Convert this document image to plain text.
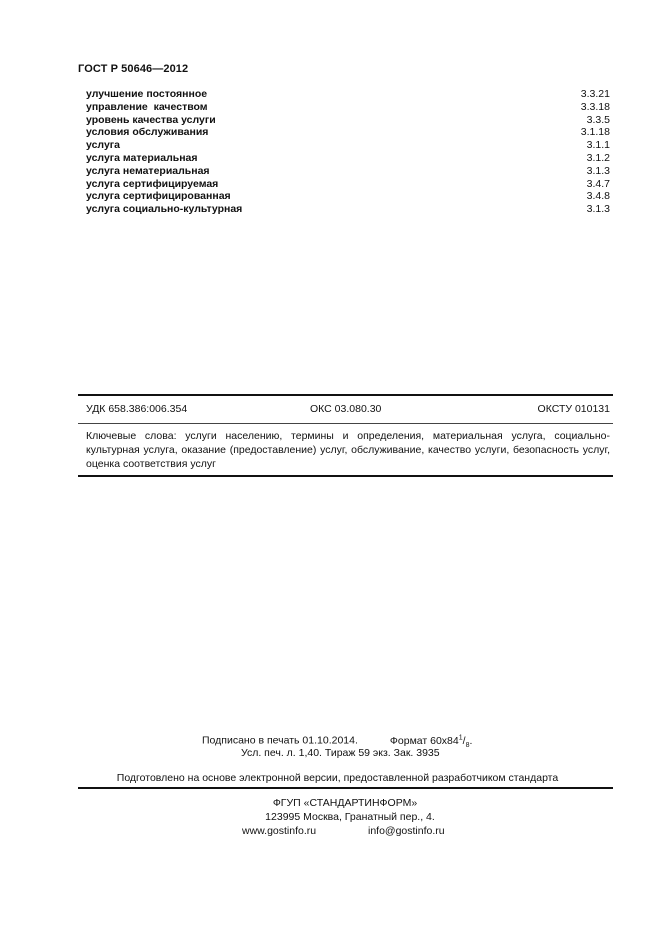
ГОСТ Р 50646—2012
улучшение постоянное	3.3.21
управление  качеством	3.3.18
уровень качества услуги	3.3.5
условия обслуживания	3.1.18
услуга	3.1.1
услуга материальная	3.1.2
услуга нематериальная	3.1.3
услуга сертифицируемая	3.4.7
услуга сертифицированная	3.4.8
услуга социально-культурная	3.1.3
УДК 658.386:006.354	ОКС 03.080.30	ОКСТУ 010131
Ключевые слова: услуги населению, термины и определения, материальная услуга, социально-культурная услуга, оказание (предоставление) услуг, обслуживание, качество услуги, безопасность услуг, оценка соответствия услуг
Подписано в печать 01.10.2014.	Формат $60х84^1/_8$.
Усл. печ. л. 1,40. Тираж 59 экз. Зак. 3935
Подготовлено на основе электронной версии, предоставленной разработчиком стандарта
ФГУП «СТАНДАРТИНФОРМ»
123995 Москва, Гранатный пер., 4.
www.gostinfo.ru	info@gostinfo.ru
